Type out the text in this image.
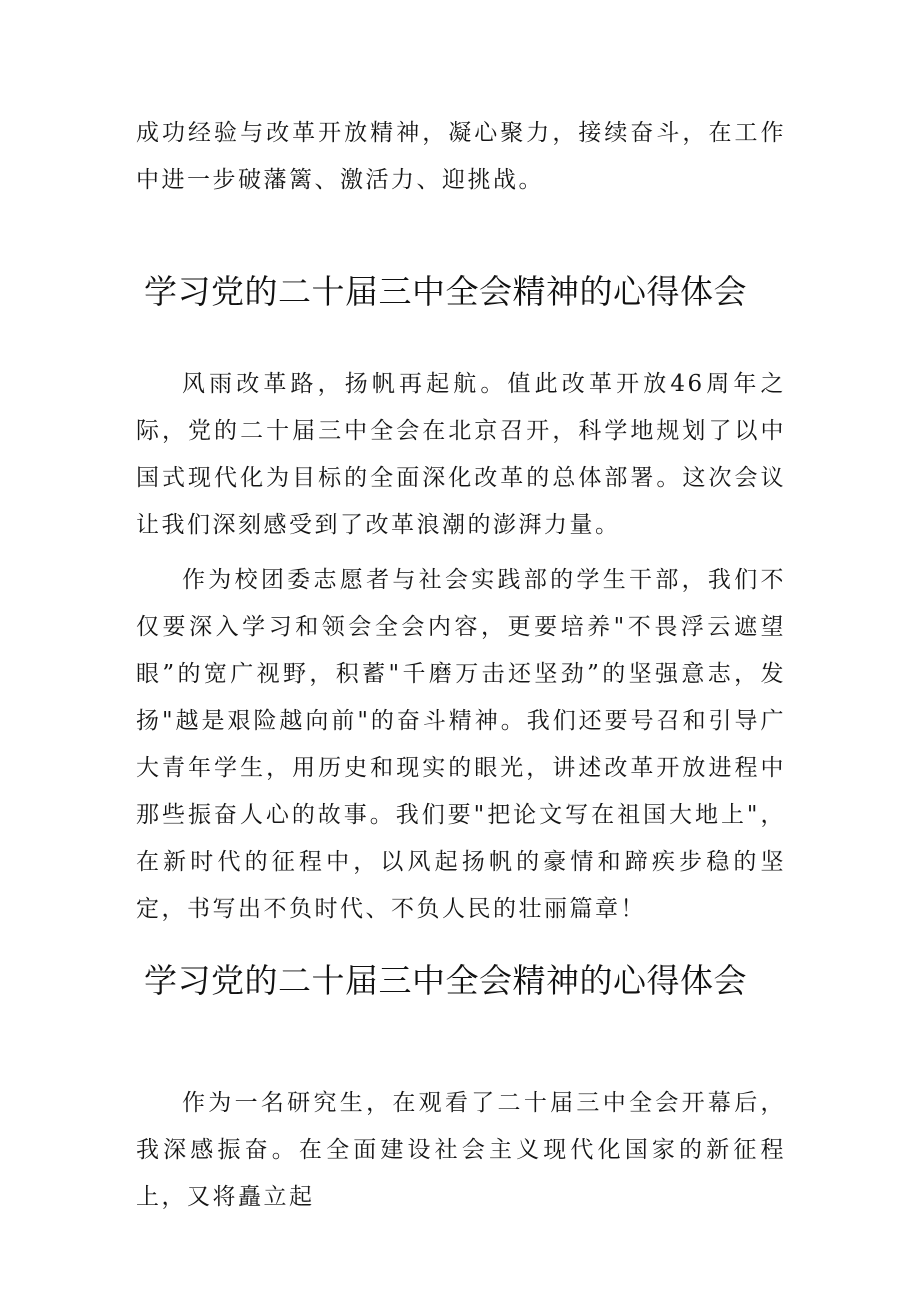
成功经验与改革开放精神，凝心聚力，接续奋斗，在工作中进一步破藩篱、激活力、迎挑战。

学习党的二十届三中全会精神的心得体会

风雨改革路，扬帆再起航。值此改革开放46周年之际，党的二十届三中全会在北京召开，科学地规划了以中国式现代化为目标的全面深化改革的总体部署。这次会议让我们深刻感受到了改革浪潮的澎湃力量。

作为校团委志愿者与社会实践部的学生干部，我们不仅要深入学习和领会全会内容，更要培养"不畏浮云遮望眼”的宽广视野，积蓄"千磨万击还坚劲”的坚强意志，发扬"越是艰险越向前"的奋斗精神。我们还要号召和引导广大青年学生，用历史和现实的眼光，讲述改革开放进程中那些振奋人心的故事。我们要"把论文写在祖国大地上"，在新时代的征程中，以风起扬帆的豪情和蹄疾步稳的坚定，书写出不负时代、不负人民的壮丽篇章！

学习党的二十届三中全会精神的心得体会

作为一名研究生，在观看了二十届三中全会开幕后，我深感振奋。在全面建设社会主义现代化国家的新征程上，又将矗立起
